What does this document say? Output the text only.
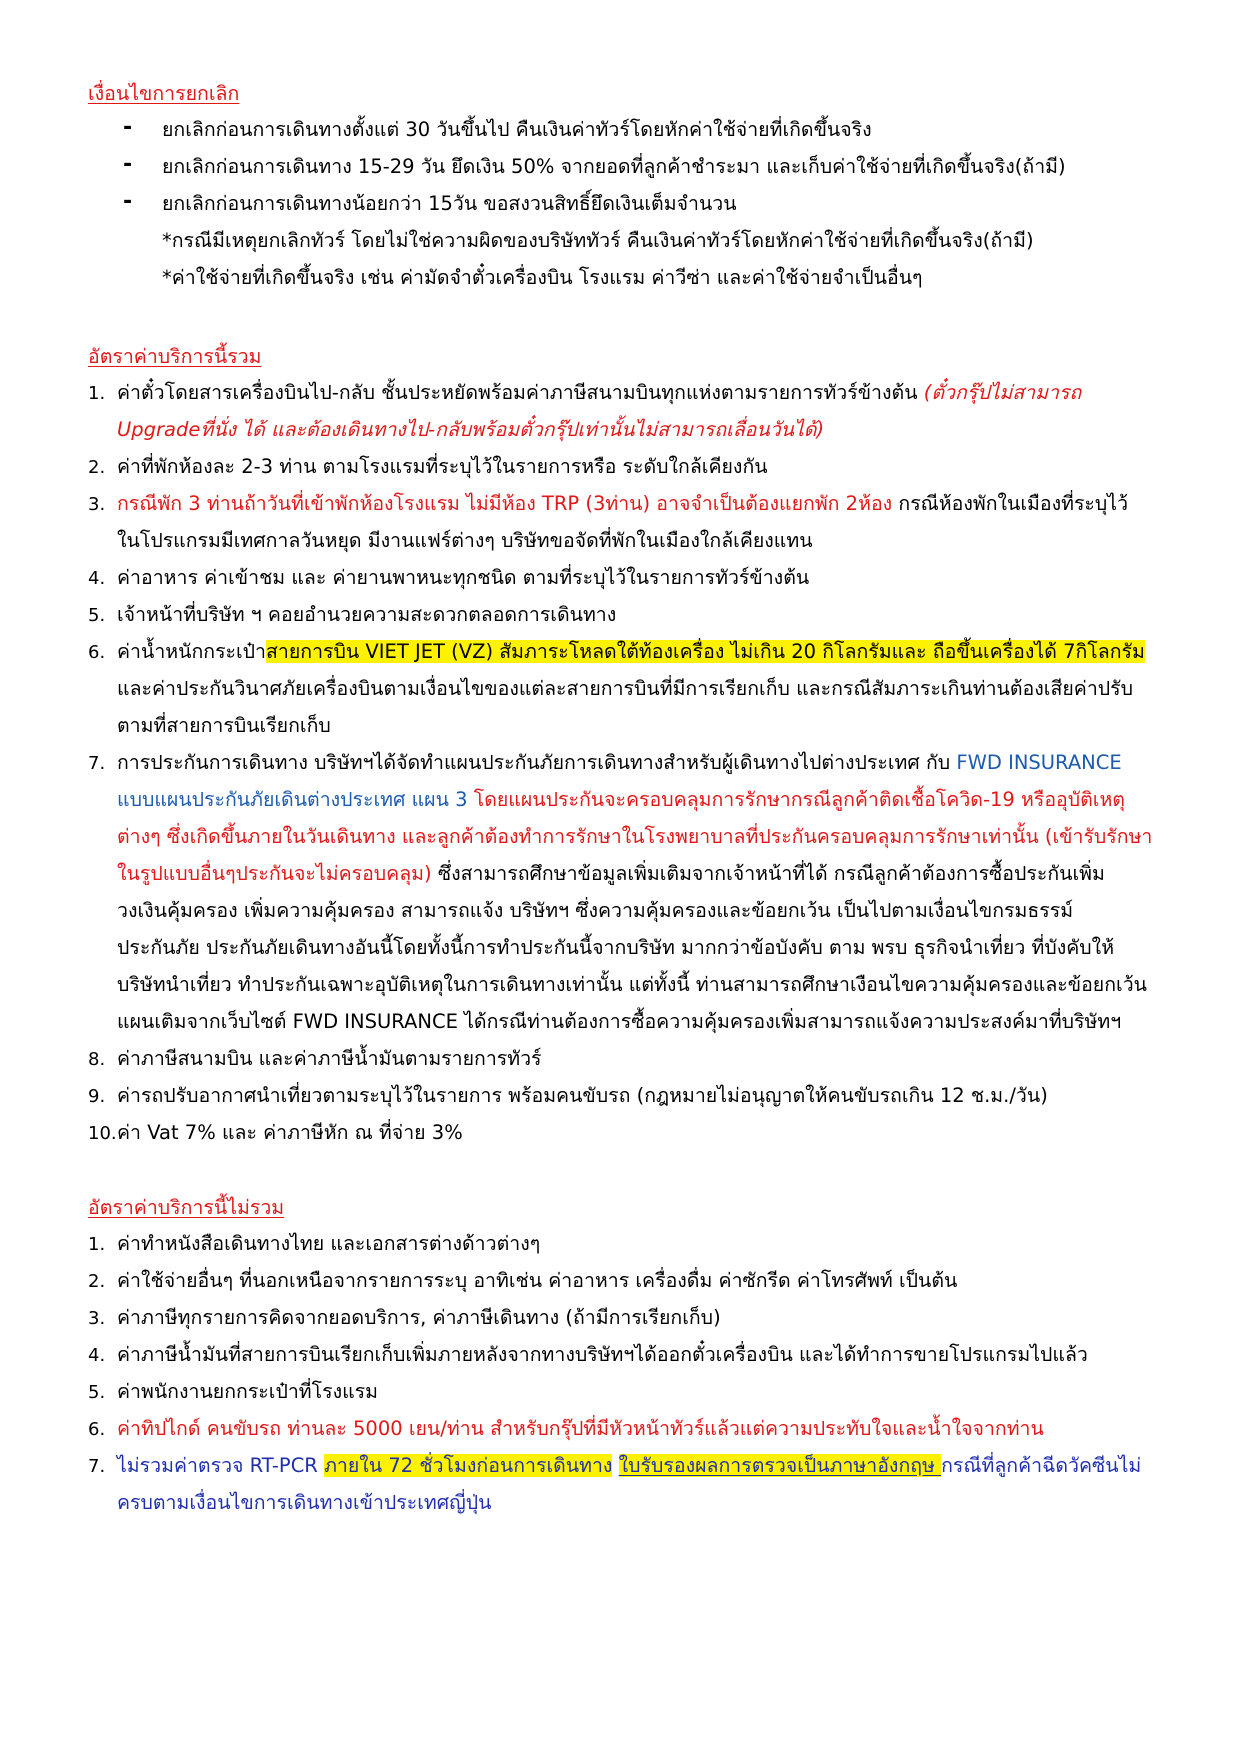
เงื่อนไขการยกเลิก
- ยกเลิกก่อนการเดินทางตั้งแต่ 30 วันขึ้นไป คืนเงินค่าทัวร์โดยหักค่าใช้จ่ายที่เกิดขึ้นจริง
- ยกเลิกก่อนการเดินทาง 15-29 วัน ยึดเงิน 50% จากยอดที่ลูกค้าชำระมา และเก็บค่าใช้จ่ายที่เกิดขึ้นจริง(ถ้ามี)
- ยกเลิกก่อนการเดินทางน้อยกว่า 15วัน ขอสงวนสิทธิ์ยึดเงินเต็มจำนวน
*กรณีมีเหตุยกเลิกทัวร์ โดยไม่ใช่ความผิดของบริษัททัวร์ คืนเงินค่าทัวร์โดยหักค่าใช้จ่ายที่เกิดขึ้นจริง(ถ้ามี)
*ค่าใช้จ่ายที่เกิดขึ้นจริง เช่น ค่ามัดจำตั๋วเครื่องบิน โรงแรม ค่าวีซ่า และค่าใช้จ่ายจำเป็นอื่นๆ
อัตราค่าบริการนี้รวม
1. ค่าตั๋วโดยสารเครื่องบินไป-กลับ ชั้นประหยัดพร้อมค่าภาษีสนามบินทุกแห่งตามรายการทัวร์ข้างต้น (ตั๋วกรุ๊ปไม่สามารถ
Upgradeที่นั่ง ได้ และต้องเดินทางไป-กลับพร้อมตั๋วกรุ๊ปเท่านั้นไม่สามารถเลื่อนวันได้)
2. ค่าที่พักห้องละ 2-3 ท่าน ตามโรงแรมที่ระบุไว้ในรายการหรือ ระดับใกล้เคียงกัน
3. กรณีพัก 3 ท่านถ้าวันที่เข้าพักห้องโรงแรม ไม่มีห้อง TRP (3ท่าน) อาจจำเป็นต้องแยกพัก 2ห้อง กรณีห้องพักในเมืองที่ระบุไว้
ในโปรแกรมมีเทศกาลวันหยุด มีงานแฟร์ต่างๆ บริษัทขอจัดที่พักในเมืองใกล้เคียงแทน
4. ค่าอาหาร ค่าเข้าชม และ ค่ายานพาหนะทุกชนิด ตามที่ระบุไว้ในรายการทัวร์ข้างต้น
5. เจ้าหน้าที่บริษัท ฯ คอยอำนวยความสะดวกตลอดการเดินทาง
6. ค่าน้ำหนักกระเป๋าสายการบิน VIET JET (VZ) สัมภาระโหลดใต้ท้องเครื่อง ไม่เกิน 20 กิโลกรัมและ ถือขึ้นเครื่องได้ 7กิโลกรัม
และค่าประกันวินาศภัยเครื่องบินตามเงื่อนไขของแต่ละสายการบินที่มีการเรียกเก็บ และกรณีสัมภาระเกินท่านต้องเสียค่าปรับ
ตามที่สายการบินเรียกเก็บ
7. การประกันการเดินทาง บริษัทฯได้จัดทำแผนประกันภัยการเดินทางสำหรับผู้เดินทางไปต่างประเทศ กับ FWD INSURANCE
แบบแผนประกันภัยเดินต่างประเทศ แผน 3 โดยแผนประกันจะครอบคลุมการรักษากรณีลูกค้าติดเชื้อโควิด-19 หรืออุบัติเหตุ
ต่างๆ ซึ่งเกิดขึ้นภายในวันเดินทาง และลูกค้าต้องทำการรักษาในโรงพยาบาลที่ประกันครอบคลุมการรักษาเท่านั้น (เข้ารับรักษา
ในรูปแบบอื่นๆประกันจะไม่ครอบคลุม) ซึ่งสามารถศึกษาข้อมูลเพิ่มเติมจากเจ้าหน้าที่ได้ กรณีลูกค้าต้องการซื้อประกันเพิ่ม
วงเงินคุ้มครอง เพิ่มความคุ้มครอง สามารถแจ้ง บริษัทฯ ซึ่งความคุ้มครองและข้อยกเว้น เป็นไปตามเงื่อนไขกรมธรรม์
ประกันภัย ประกันภัยเดินทางอันนี้โดยทั้งนี้การทำประกันนี้จากบริษัท มากกว่าข้อบังคับ ตาม พรบ ธุรกิจนำเที่ยว ที่บังคับให้
บริษัทนำเที่ยว ทำประกันเฉพาะอุบัติเหตุในการเดินทางเท่านั้น แต่ทั้งนี้ ท่านสามารถศึกษาเงือนไขความคุ้มครองและข้อยกเว้น
แผนเติมจากเว็บไซต์ FWD INSURANCE ได้กรณีท่านต้องการซื้อความคุ้มครองเพิ่มสามารถแจ้งความประสงค์มาที่บริษัทฯ
8. ค่าภาษีสนามบิน และค่าภาษีน้ำมันตามรายการทัวร์
9. ค่ารถปรับอากาศนำเที่ยวตามระบุไว้ในรายการ พร้อมคนขับรถ (กฎหมายไม่อนุญาตให้คนขับรถเกิน 12 ช.ม./วัน)
10. ค่า Vat 7% และ ค่าภาษีหัก ณ ที่จ่าย 3%
อัตราค่าบริการนี้ไม่รวม
1. ค่าทำหนังสือเดินทางไทย และเอกสารต่างด้าวต่างๆ
2. ค่าใช้จ่ายอื่นๆ ที่นอกเหนือจากรายการระบุ อาทิเช่น ค่าอาหาร เครื่องดื่ม ค่าซักรีด ค่าโทรศัพท์ เป็นต้น
3. ค่าภาษีทุกรายการคิดจากยอดบริการ, ค่าภาษีเดินทาง (ถ้ามีการเรียกเก็บ)
4. ค่าภาษีน้ำมันที่สายการบินเรียกเก็บเพิ่มภายหลังจากทางบริษัทฯได้ออกตั๋วเครื่องบิน และได้ทำการขายโปรแกรมไปแล้ว
5. ค่าพนักงานยกกระเป๋าที่โรงแรม
6. ค่าทิปไกด์ คนขับรถ ท่านละ 5000 เยน/ท่าน สำหรับกรุ๊ปที่มีหัวหน้าทัวร์แล้วแต่ความประทับใจและน้ำใจจากท่าน
7. ไม่รวมค่าตรวจ RT-PCR ภายใน 72 ชั่วโมงก่อนการเดินทาง ใบรับรองผลการตรวจเป็นภาษาอังกฤษ กรณีที่ลูกค้าฉีดวัคซีนไม่
ครบตามเงื่อนไขการเดินทางเข้าประเทศญี่ปุ่น
